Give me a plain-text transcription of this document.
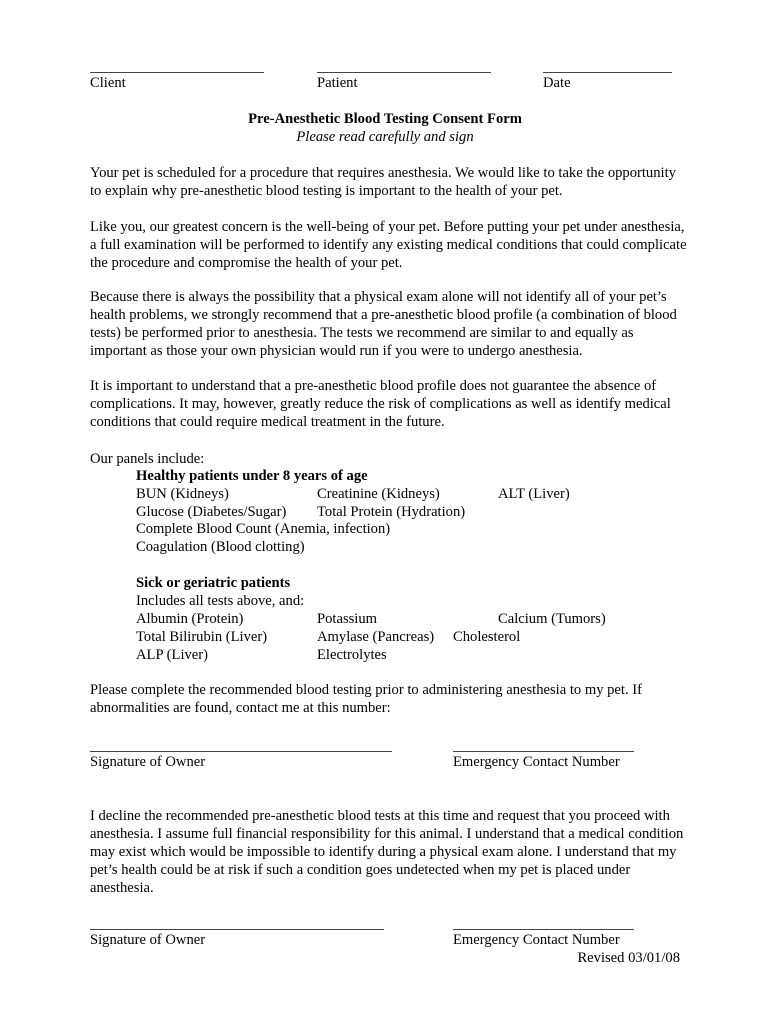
Client	Patient	Date
Pre-Anesthetic Blood Testing Consent Form
Please read carefully and sign

Your pet is scheduled for a procedure that requires anesthesia. We would like to take the opportunity to explain why pre-anesthetic blood testing is important to the health of your pet.

Like you, our greatest concern is the well-being of your pet. Before putting your pet under anesthesia, a full examination will be performed to identify any existing medical conditions that could complicate the procedure and compromise the health of your pet.

Because there is always the possibility that a physical exam alone will not identify all of your pet’s health problems, we strongly recommend that a pre-anesthetic blood profile (a combination of blood tests) be performed prior to anesthesia. The tests we recommend are similar to and equally as important as those your own physician would run if you were to undergo anesthesia.

It is important to understand that a pre-anesthetic blood profile does not guarantee the absence of complications. It may, however, greatly reduce the risk of complications as well as identify medical conditions that could require medical treatment in the future.

Our panels include:
Healthy patients under 8 years of age
BUN (Kidneys)	Creatinine (Kidneys)	ALT (Liver)
Glucose (Diabetes/Sugar) Total Protein (Hydration)
Complete Blood Count (Anemia, infection)
Coagulation (Blood clotting)
Sick or geriatric patients
Includes all tests above, and:
Albumin (Protein)	Potassium	Calcium (Tumors)
Total Bilirubin (Liver)	Amylase (Pancreas) Cholesterol
ALP (Liver)	Electrolytes

Please complete the recommended blood testing prior to administering anesthesia to my pet. If abnormalities are found, contact me at this number:

Signature of Owner	Emergency Contact Number

I decline the recommended pre-anesthetic blood tests at this time and request that you proceed with anesthesia. I assume full financial responsibility for this animal. I understand that a medical condition may exist which would be impossible to identify during a physical exam alone. I understand that my pet’s health could be at risk if such a condition goes undetected when my pet is placed under anesthesia.

Signature of Owner	Emergency Contact Number
Revised 03/01/08
